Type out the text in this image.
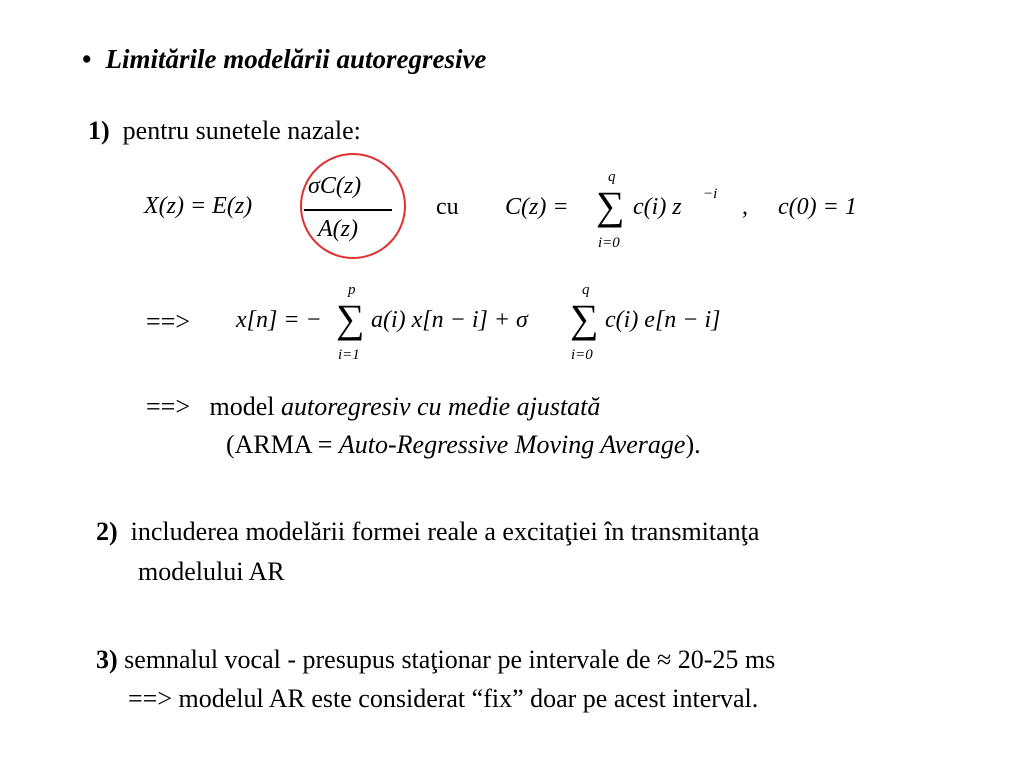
• Limitările modelării autoregresive
1) pentru sunetele nazale:
X(z) = E(z)
σC(z)
A(z)
cu C(z) =
q
∑
i=0
c(i) z −i , c(0) = 1
==> x[n] = −
p
∑
i=1
a(i) x[n − i] + σ
q
∑
i=0
c(i) e[n − i]
==> model autoregresiv cu medie ajustată
(ARMA = Auto-Regressive Moving Average).
2) includerea modelării formei reale a excitaţiei în transmitanţa
modelului AR
3) semnalul vocal - presupus staţionar pe intervale de ≈ 20-25 ms
==> modelul AR este considerat “fix” doar pe acest interval.
